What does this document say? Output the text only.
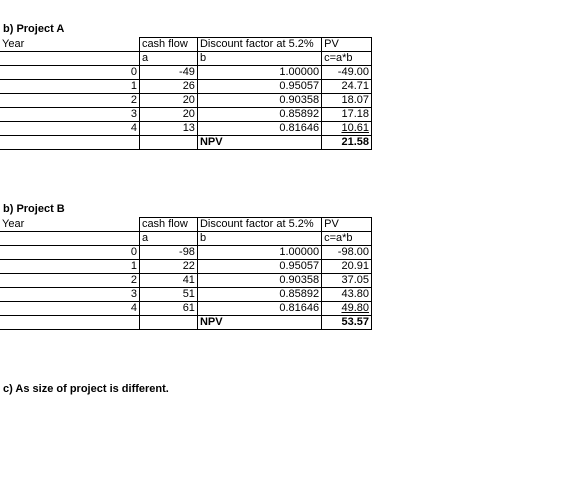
b) Project A
Year	cash flow	Discount factor at 5.2%	PV
	a	b	c=a*b
0	-49	1.00000	-49.00
1	26	0.95057	24.71
2	20	0.90358	18.07
3	20	0.85892	17.18
4	13	0.81646	10.61
		NPV	21.58
b) Project B
Year	cash flow	Discount factor at 5.2%	PV
	a	b	c=a*b
0	-98	1.00000	-98.00
1	22	0.95057	20.91
2	41	0.90358	37.05
3	51	0.85892	43.80
4	61	0.81646	49.80
		NPV	53.57
c) As size of project is different.
